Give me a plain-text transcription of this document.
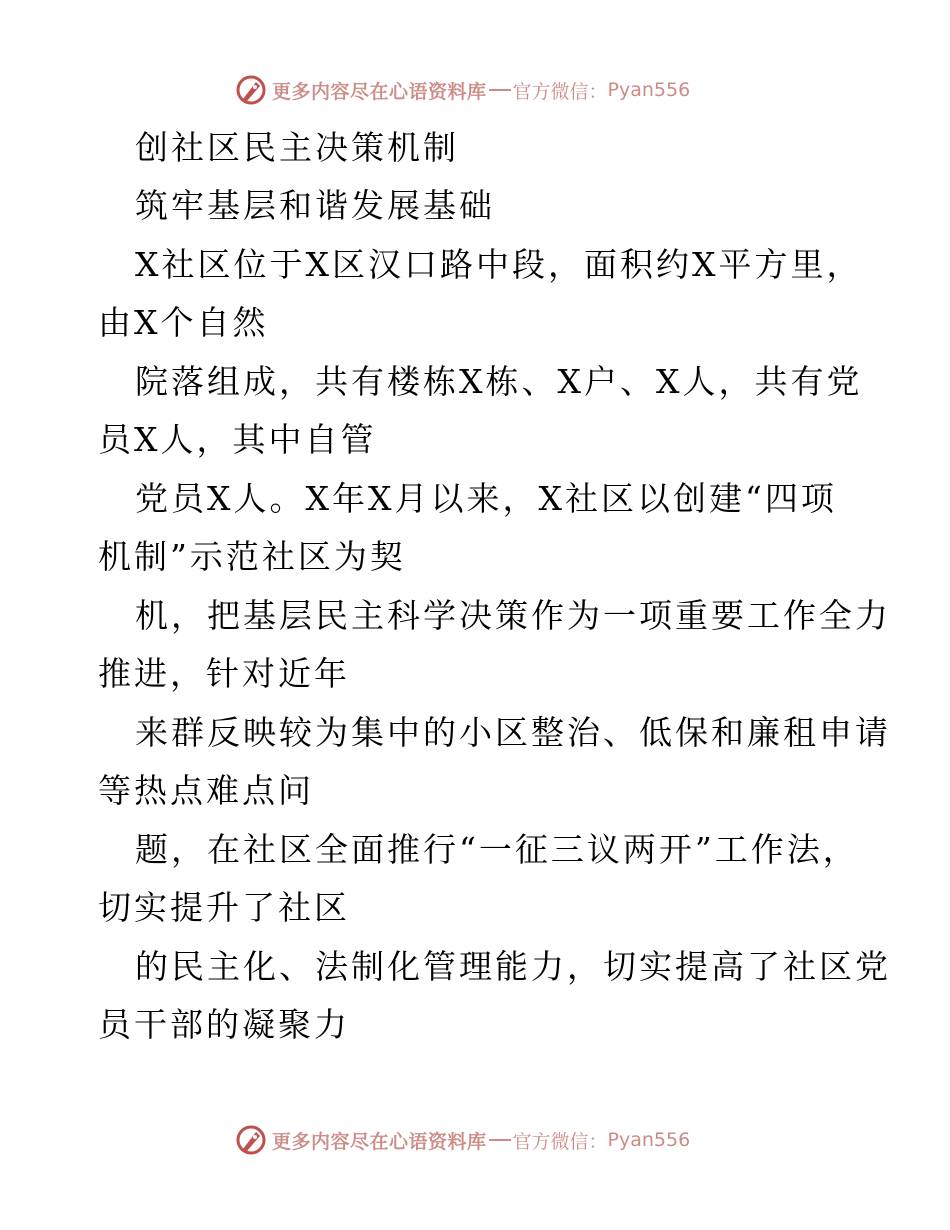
更多内容尽在心语资料库 官方微信： Pyan556
创社区民主决策机制
筑牢基层和谐发展基础
X社区位于X区汉口路中段，面积约X平方里，
由X个自然
院落组成，共有楼栋X栋、X户、X人，共有党
员X人，其中自管
党员X人。X年X月以来，X社区以创建“四项
机制”示范社区为契
机，把基层民主科学决策作为一项重要工作全力
推进，针对近年
来群反映较为集中的小区整治、低保和廉租申请
等热点难点问
题，在社区全面推行“一征三议两开”工作法，
切实提升了社区
的民主化、法制化管理能力，切实提高了社区党
员干部的凝聚力
更多内容尽在心语资料库 官方微信： Pyan556
